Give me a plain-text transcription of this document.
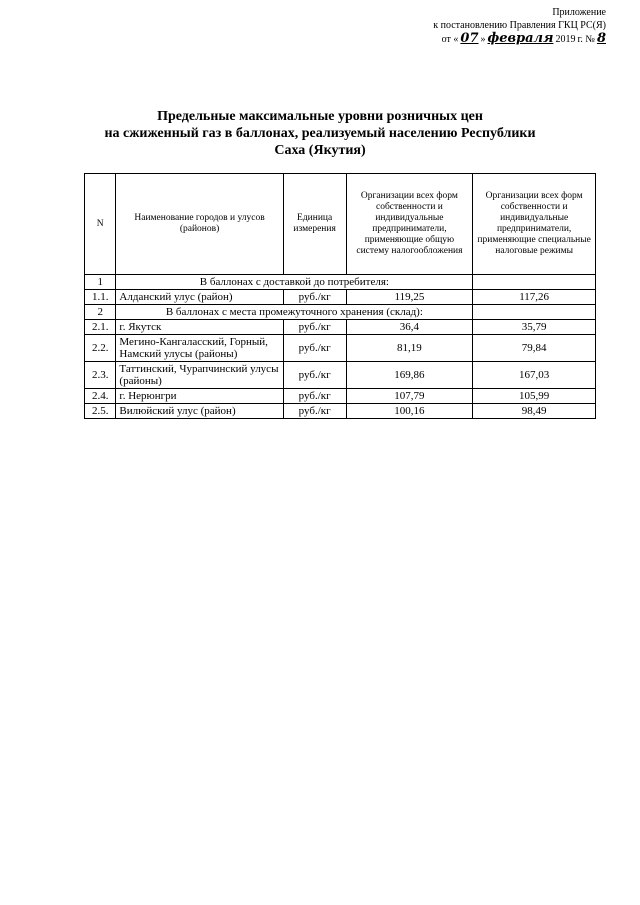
Приложение
к постановлению Правления ГКЦ РС(Я)
от « 07 » февраля 2019 г. № 8
Предельные максимальные уровни розничных цен
на сжиженный газ в баллонах, реализуемый населению Республики
Саха (Якутия)
N	Наименование городов и улусов (районов)	Единица измерения	Организации всех форм собственности и индивидуальные предприниматели, применяющие общую систему налогообложения	Организации всех форм собственности и индивидуальные предприниматели, применяющие специальные налоговые режимы
1	В баллонах с доставкой до потребителя:			
1.1.	Алданский улус (район)	руб./кг	119,25	117,26
2	В баллонах с места промежуточного хранения (склад):			
2.1.	г. Якутск	руб./кг	36,4	35,79
2.2.	Мегино-Кангаласский, Горный, Намский улусы (районы)	руб./кг	81,19	79,84
2.3.	Таттинский, Чурапчинский улусы (районы)	руб./кг	169,86	167,03
2.4.	г. Нерюнгри	руб./кг	107,79	105,99
2.5.	Вилюйский улус (район)	руб./кг	100,16	98,49
